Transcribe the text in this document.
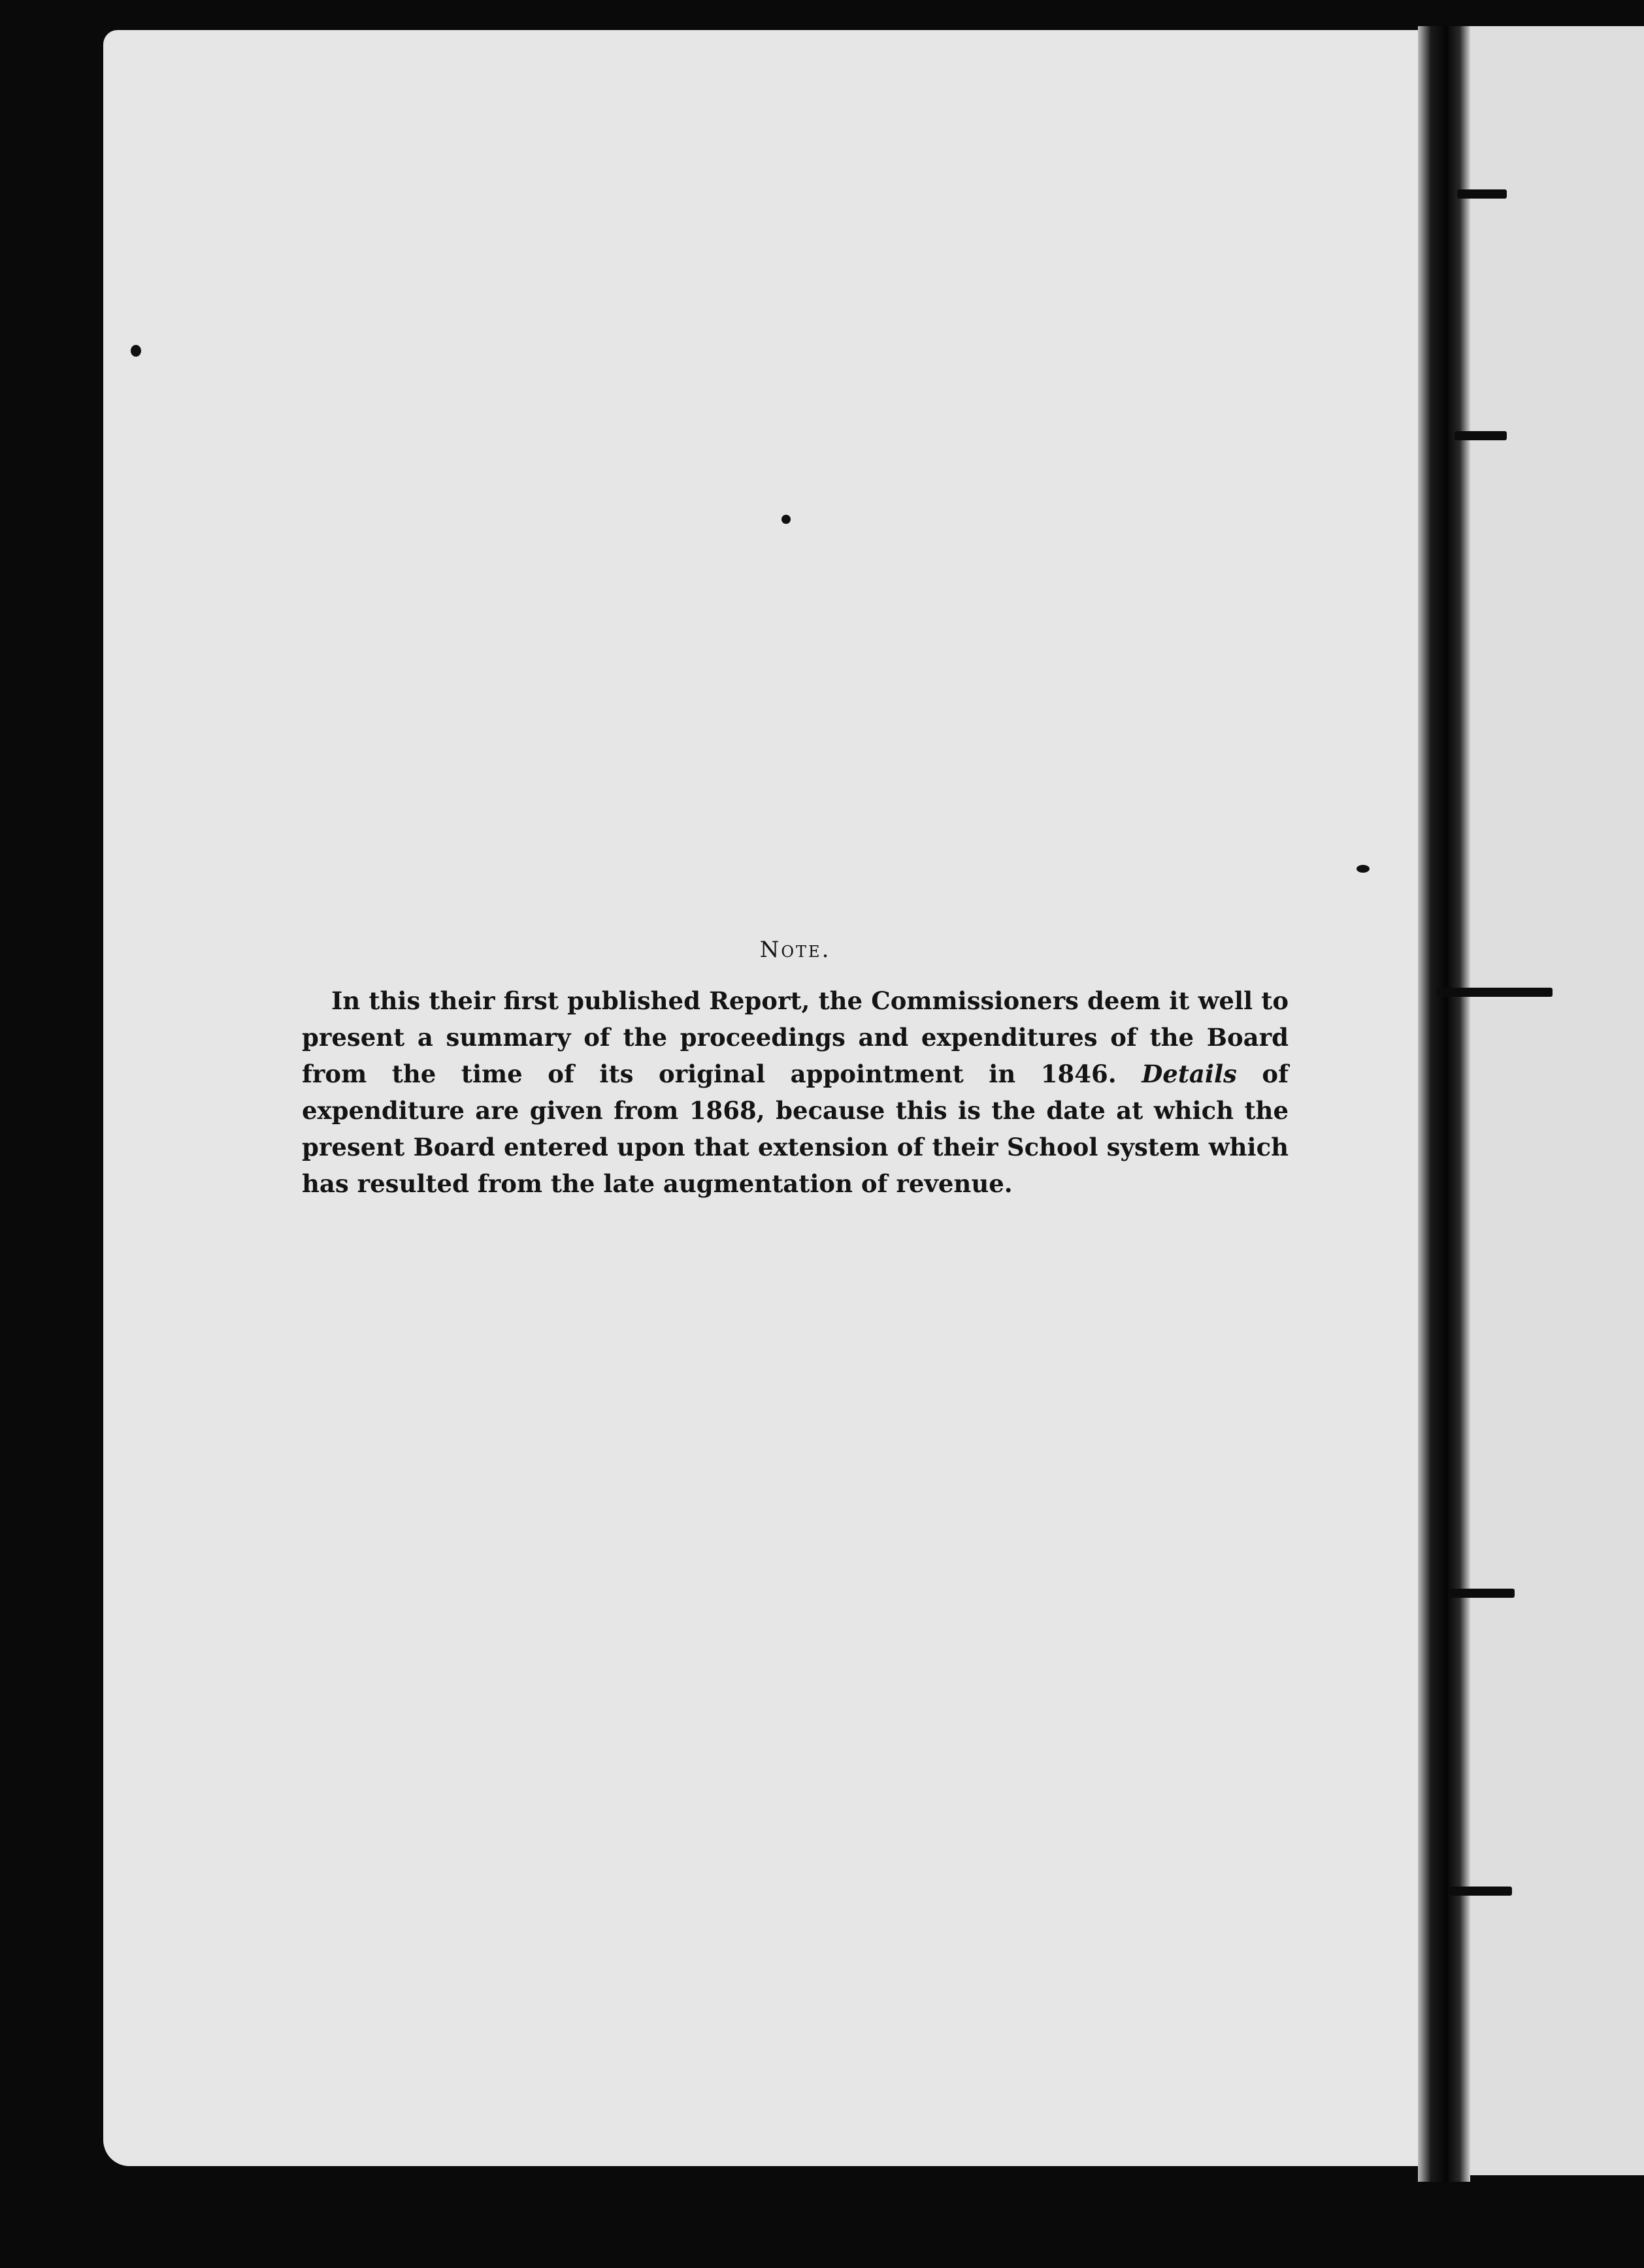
Note.

In this their first published Report, the Commissioners deem it well to present a summary of the proceedings and expenditures of the Board from the time of its original appointment in 1846. Details of expenditure are given from 1868, because this is the date at which the present Board entered upon that extension of their School system which has resulted from the late augmentation of revenue.
